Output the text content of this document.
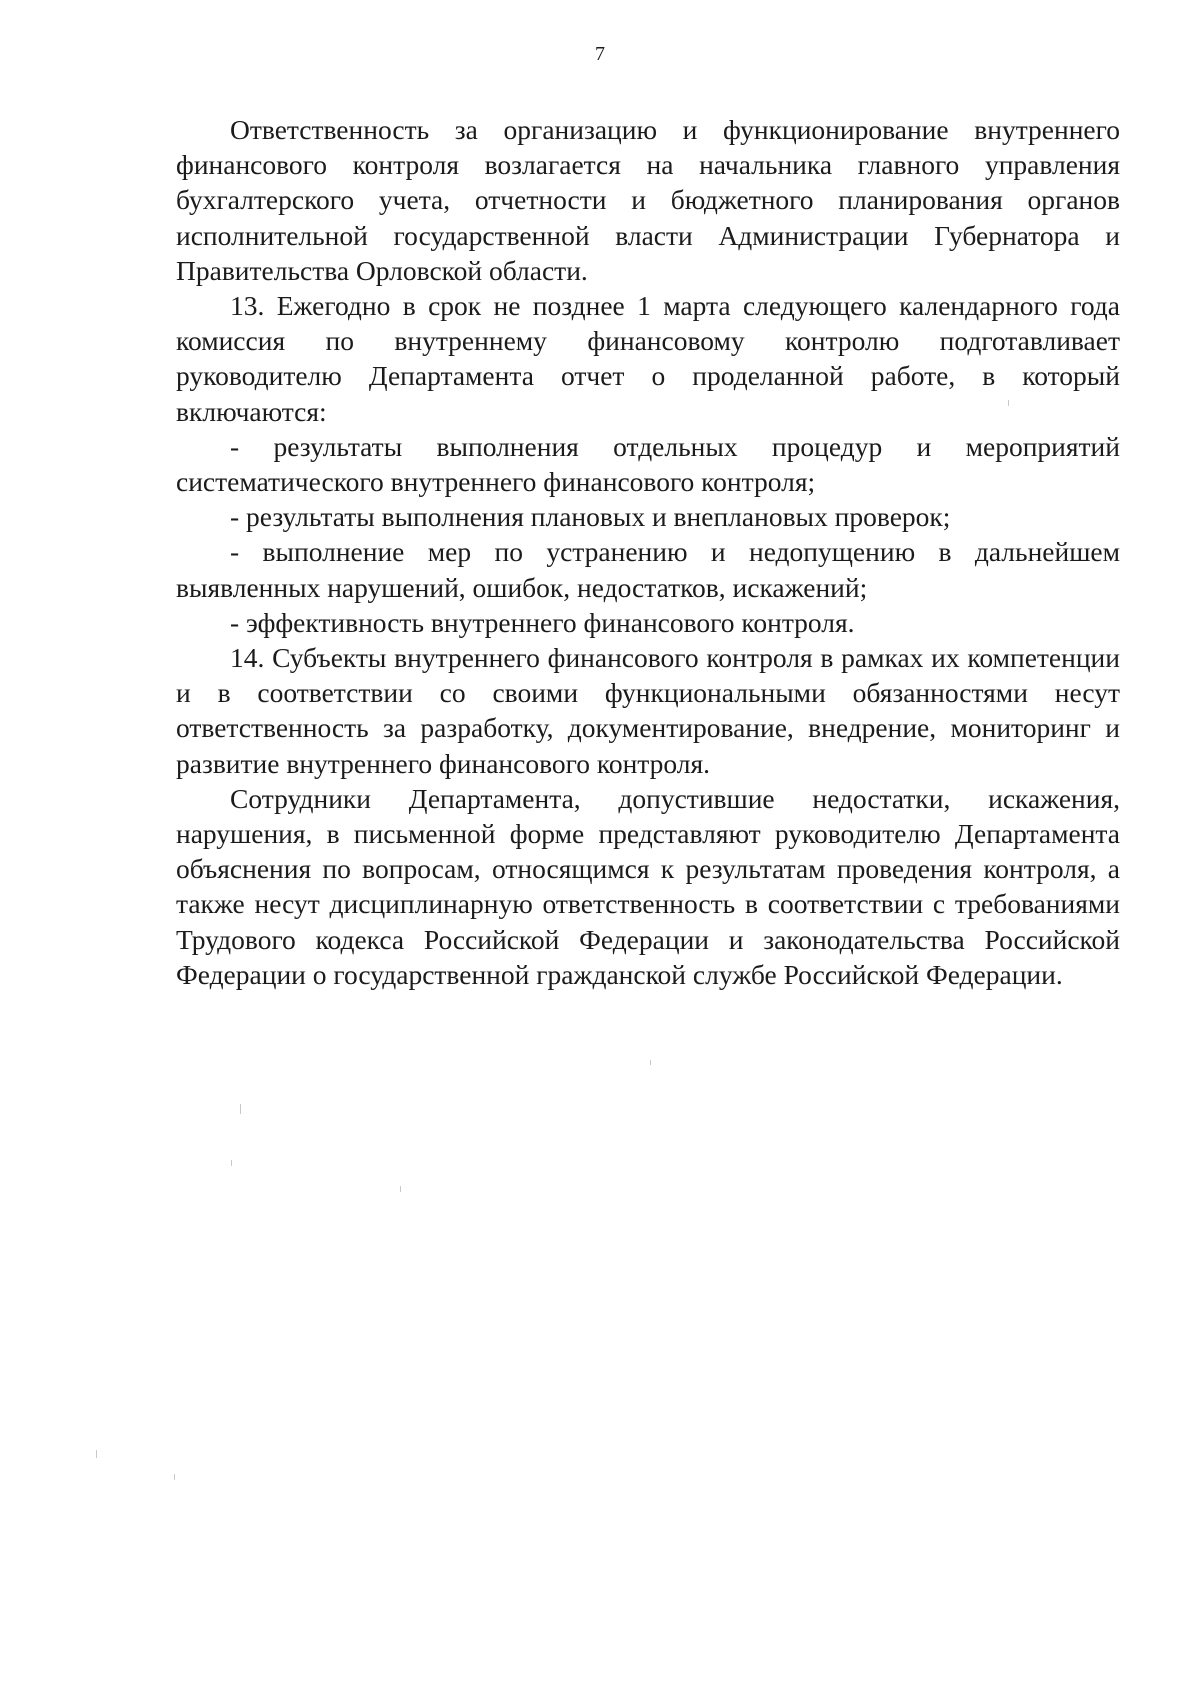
7

Ответственность за организацию и функционирование внутреннего финансового контроля возлагается на начальника главного управления бухгалтерского учета, отчетности и бюджетного планирования органов исполнительной государственной власти Администрации Губернатора и Правительства Орловской области.

13. Ежегодно в срок не позднее 1 марта следующего календарного года комиссия по внутреннему финансовому контролю подготавливает руководителю Департамента отчет о проделанной работе, в который включаются:

- результаты выполнения отдельных процедур и мероприятий систематического внутреннего финансового контроля;

- результаты выполнения плановых и внеплановых проверок;

- выполнение мер по устранению и недопущению в дальнейшем выявленных нарушений, ошибок, недостатков, искажений;

- эффективность внутреннего финансового контроля.

14. Субъекты внутреннего финансового контроля в рамках их компетенции и в соответствии со своими функциональными обязанностями несут ответственность за разработку, документирование, внедрение, мониторинг и развитие внутреннего финансового контроля.

Сотрудники Департамента, допустившие недостатки, искажения, нарушения, в письменной форме представляют руководителю Департамента объяснения по вопросам, относящимся к результатам проведения контроля, а также несут дисциплинарную ответственность в соответствии с требованиями Трудового кодекса Российской Федерации и законодательства Российской Федерации о государственной гражданской службе Российской Федерации.
